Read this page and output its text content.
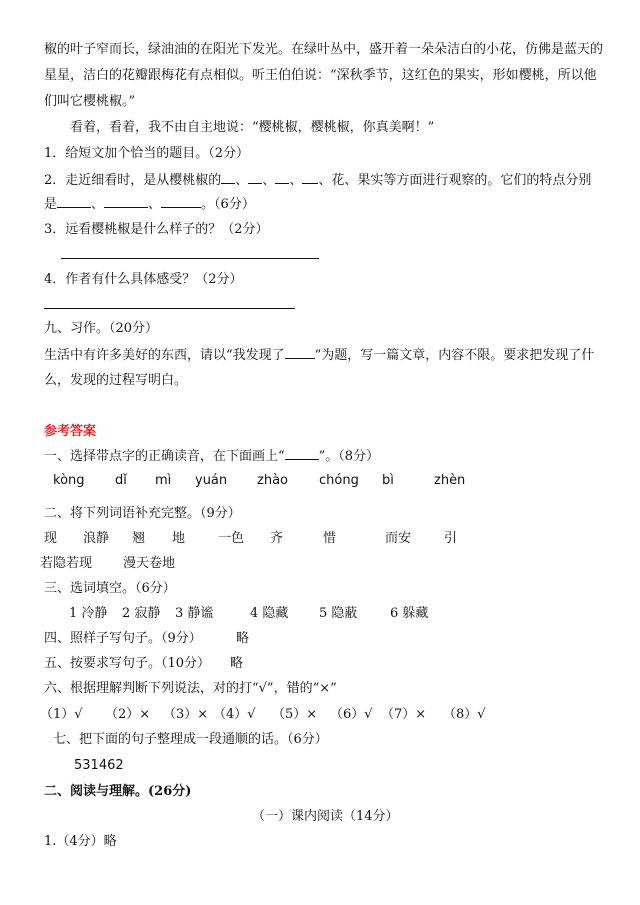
椒的叶子窄而长，绿油油的在阳光下发光。在绿叶丛中，盛开着一朵朵洁白的小花，仿佛是蓝天的
星星，洁白的花瓣跟梅花有点相似。听王伯伯说：“深秋季节，这红色的果实，形如樱桃，所以他
们叫它樱桃椒。”
看着，看着，我不由自主地说：“樱桃椒，樱桃椒，你真美啊！”
1．给短文加个恰当的题目。（2分）
2．走近细看时，是从樱桃椒的 、 、 、 、花、果实等方面进行观察的。它们的特点分别
是	、	、	。（6分）
3．远看樱桃椒是什么样子的？（2分）
4．作者有什么具体感受？（2分）
九、习作。（20分）
生活中有许多美好的东西，请以“我发现了 ”为题，写一篇文章，内容不限。要求把发现了什
么，发现的过程写明白。
参考答案
一、选择带点字的正确读音，在下面画上“	”。（8分）
kòng dǐ mì yuán zhào chóng bì	zhèn
二、将下列词语补充完整。（9分）
现 浪静 翘 地	一色 齐	惜	而安	引
若隐若现 漫天卷地
三、选词填空。（6分）
1 冷静 2 寂静 3 静谧	4 隐藏 5 隐蔽	6 躲藏
四、照样子写句子。（9分）	略
五、按要求写句子。（10分） 略
六、根据理解判断下列说法，对的打“√”，错的“×”
（1）√ （2）× （3）× （4）√ （5）× （6）√ （7）× （8）√
七、把下面的句子整理成一段通顺的话。（6分）
531462
二、阅读与理解。(26分)
（一）课内阅读（14分）
1.（4分）略
